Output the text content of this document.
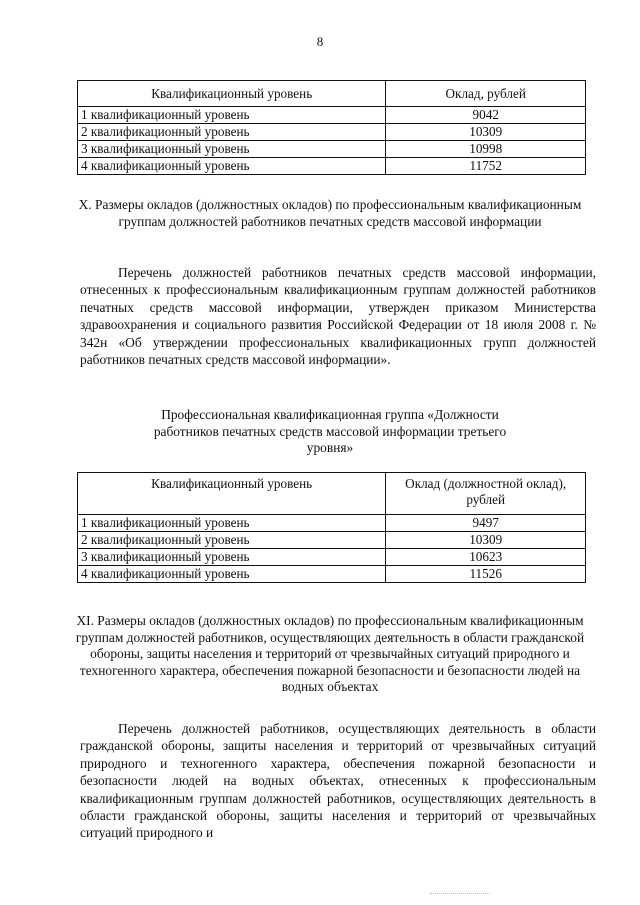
8
Квалификационный уровень	Оклад, рублей
1 квалификационный уровень	9042
2 квалификационный уровень	10309
3 квалификационный уровень	10998
4 квалификационный уровень	11752
X. Размеры окладов (должностных окладов) по профессиональным квалификационным группам должностей работников печатных средств массовой информации
Перечень должностей работников печатных средств массовой информации, отнесенных к профессиональным квалификационным группам должностей работников печатных средств массовой информации, утвержден приказом Министерства здравоохранения и социального развития Российской Федерации от 18 июля 2008 г. № 342н «Об утверждении профессиональных квалификационных групп должностей работников печатных средств массовой информации».
Профессиональная квалификационная группа «Должности работников печатных средств массовой информации третьего уровня»
Квалификационный уровень	Оклад (должностной оклад), рублей
1 квалификационный уровень	9497
2 квалификационный уровень	10309
3 квалификационный уровень	10623
4 квалификационный уровень	11526
XI. Размеры окладов (должностных окладов) по профессиональным квалификационным группам должностей работников, осуществляющих деятельность в области гражданской обороны, защиты населения и территорий от чрезвычайных ситуаций природного и техногенного характера, обеспечения пожарной безопасности и безопасности людей на водных объектах
Перечень должностей работников, осуществляющих деятельность в области гражданской обороны, защиты населения и территорий от чрезвычайных ситуаций природного и техногенного характера, обеспечения пожарной безопасности и безопасности людей на водных объектах, отнесенных к профессиональным квалификационным группам должностей работников, осуществляющих деятельность в области гражданской обороны, защиты населения и территорий от чрезвычайных ситуаций природного и
